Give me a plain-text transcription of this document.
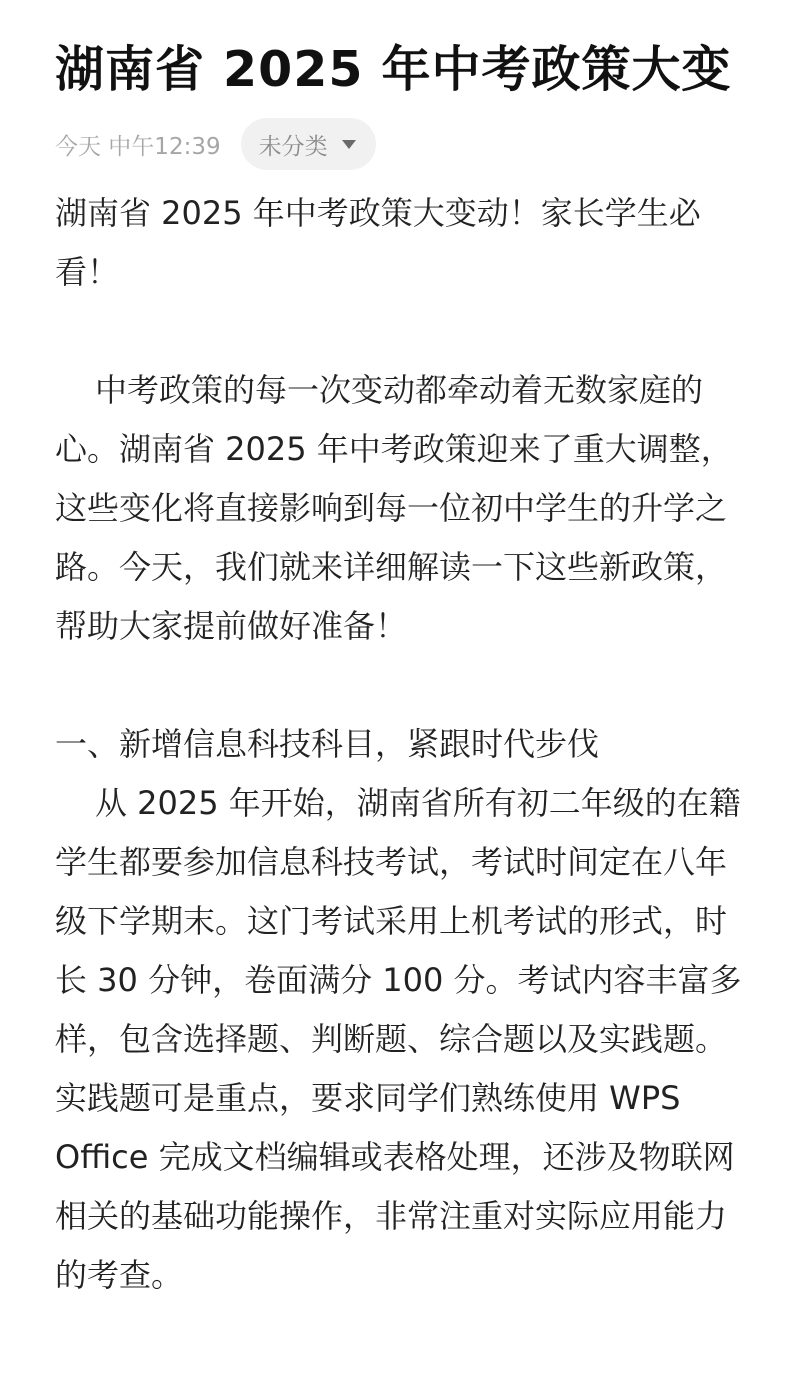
湖南省 2025 年中考政策大变
今天 中午12:39 未分类

湖南省 2025 年中考政策大变动！家长学生必看！

中考政策的每一次变动都牵动着无数家庭的心。湖南省 2025 年中考政策迎来了重大调整，这些变化将直接影响到每一位初中学生的升学之路。今天，我们就来详细解读一下这些新政策，帮助大家提前做好准备！

一、新增信息科技科目，紧跟时代步伐

从 2025 年开始，湖南省所有初二年级的在籍学生都要参加信息科技考试，考试时间定在八年级下学期末。这门考试采用上机考试的形式，时长 30 分钟，卷面满分 100 分。考试内容丰富多样，包含选择题、判断题、综合题以及实践题。实践题可是重点，要求同学们熟练使用 WPS Office 完成文档编辑或表格处理，还涉及物联网相关的基础功能操作，非常注重对实际应用能力的考查。
